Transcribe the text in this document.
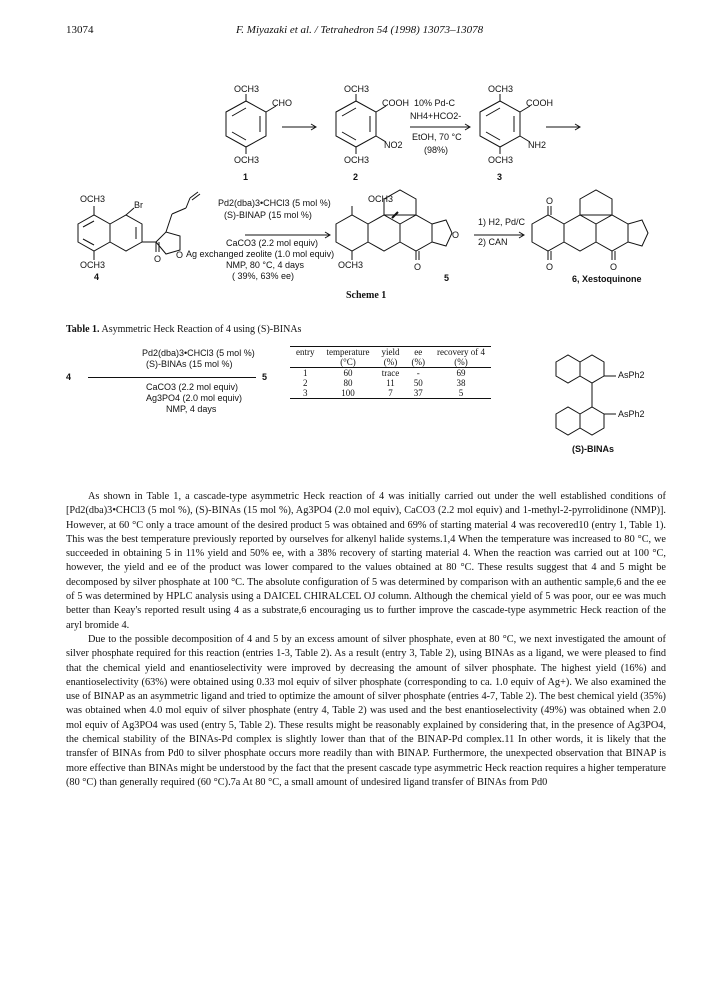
13074	F. Miyazaki et al. / Tetrahedron 54 (1998) 13073–13078
OCH3
CHO
OCH3
1
OCH3
COOH
NO2
OCH3
2
10% Pd-C
NH4+HCO2-
EtOH, 70 °C
(98%)
OCH3
COOH
NH2
OCH3
3
OCH3
Br
OCH3
O O
4
Pd2(dba)3•CHCl3 (5 mol %)
(S)-BINAP (15 mol %)
CaCO3 (2.2 mol equiv)
Ag exchanged zeolite (1.0 mol equiv)
NMP, 80 °C, 4 days
( 39%, 63% ee)
OCH3
OCH3
O
O
5
1) H2, Pd/C
2) CAN
O
O	O
6, Xestoquinone
Scheme 1
Table 1. Asymmetric Heck Reaction of 4 using (S)-BINAs
Pd2(dba)3•CHCl3 (5 mol %)
(S)-BINAs (15 mol %)
4	5
CaCO3 (2.2 mol equiv)
Ag3PO4 (2.0 mol equiv)
NMP, 4 days
entry	temperature	yield	ee	recovery of 4
	(°C)	(%)	(%)	(%)
1	60	trace	-	69
2	80	11	50	38
3	100	7	37	5
AsPh2
AsPh2
(S)-BINAs

As shown in Table 1, a cascade-type asymmetric Heck reaction of 4 was initially carried out under the well established conditions of [Pd2(dba)3•CHCl3 (5 mol %), (S)-BINAs (15 mol %), Ag3PO4 (2.0 mol equiv), CaCO3 (2.2 mol equiv) and 1-methyl-2-pyrrolidinone (NMP)]. However, at 60 °C only a trace amount of the desired product 5 was obtained and 69% of starting material 4 was recovered10 (entry 1, Table 1). This was the best temperature previously reported by ourselves for alkenyl halide systems.1,4 When the temperature was increased to 80 °C, we succeeded in obtaining 5 in 11% yield and 50% ee, with a 38% recovery of starting material 4. When the reaction was carried out at 100 °C, however, the yield and ee of the product was lower compared to the values obtained at 80 °C. These results suggest that 4 and 5 might be decomposed by silver phosphate at 100 °C. The absolute configuration of 5 was determined by comparison with an authentic sample,6 and the ee of 5 was determined by HPLC analysis using a DAICEL CHIRALCEL OJ column. Although the chemical yield of 5 was poor, our ee was much better than Keay's reported result using 4 as a substrate,6 encouraging us to further improve the cascade-type asymmetric Heck reaction of the aryl bromide 4.

Due to the possible decomposition of 4 and 5 by an excess amount of silver phosphate, even at 80 °C, we next investigated the amount of silver phosphate required for this reaction (entries 1-3, Table 2). As a result (entry 3, Table 2), using BINAs as a ligand, we were pleased to find that the chemical yield and enantioselectivity were improved by decreasing the amount of silver phosphate. The highest yield (16%) and enantioselectivity (63%) were obtained using 0.33 mol equiv of silver phosphate (corresponding to ca. 1.0 equiv of Ag+). We also examined the use of BINAP as an asymmetric ligand and tried to optimize the amount of silver phosphate (entries 4-7, Table 2). The best chemical yield (35%) was obtained when 4.0 mol equiv of silver phosphate (entry 4, Table 2) was used and the best enantioselectivity (49%) was obtained when 2.0 mol equiv of Ag3PO4 was used (entry 5, Table 2). These results might be reasonably explained by considering that, in the presence of Ag3PO4, the chemical stability of the BINAs-Pd complex is slightly lower than that of the BINAP-Pd complex.11 In other words, it is likely that the transfer of BINAs from Pd0 to silver phosphate occurs more readily than with BINAP. Furthermore, the unexpected observation that BINAP is more effective than BINAs might be understood by the fact that the present cascade type asymmetric Heck reaction requires a higher temperature (80 °C) than generally required (60 °C).7a At 80 °C, a small amount of undesired ligand transfer of BINAs from Pd0
